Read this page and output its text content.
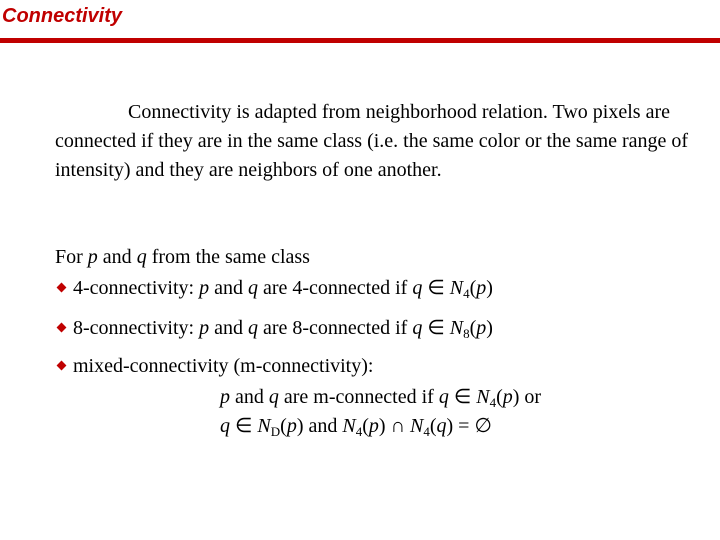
Connectivity
Connectivity is adapted from neighborhood relation. Two pixels are connected if they are in the same class (i.e. the same color or the same range of intensity) and they are neighbors of one another.
For p and q from the same class
4-connectivity: p and q are 4-connected if q ∈ $N_4(p)$
8-connectivity: p and q are 8-connected if q ∈ $N_8(p)$
mixed-connectivity (m-connectivity):
p and q are m-connected if q ∈ $N_4(p)$ or
q ∈ $N_D(p)$ and $N_4(p)$ ∩ $N_4(q)$ = ∅
